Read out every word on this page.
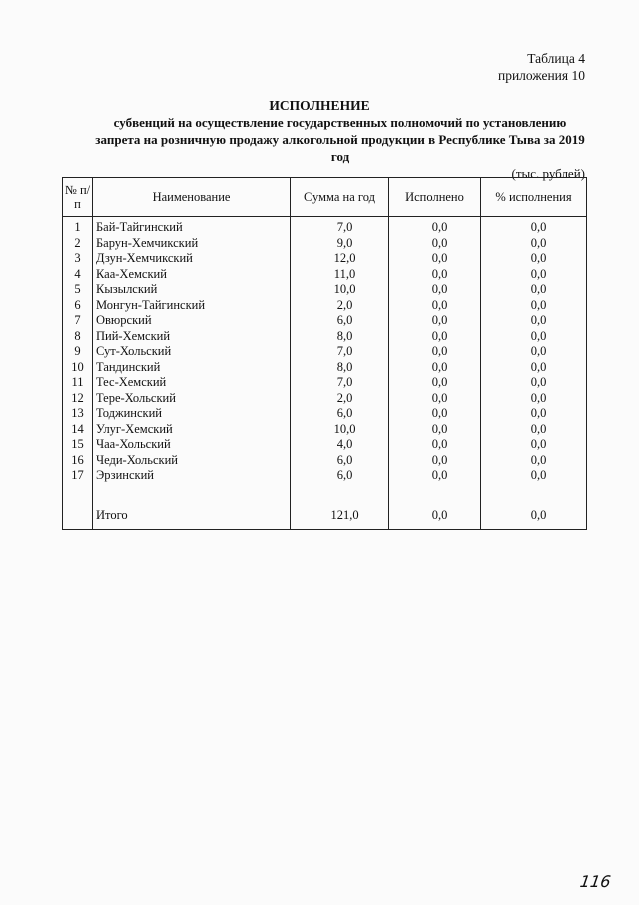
Таблица 4
приложения 10
ИСПОЛНЕНИЕ
субвенций на осуществление государственных полномочий по установлению запрета на розничную продажу алкогольной продукции в Республике Тыва за 2019 год
(тыс. рублей)
№ п/п	Наименование	Сумма на год	Исполнено	% исполнения
1	Бай-Тайгинский	7,0	0,0	0,0
2	Барун-Хемчикский	9,0	0,0	0,0
3	Дзун-Хемчикский	12,0	0,0	0,0
4	Каа-Хемский	11,0	0,0	0,0
5	Кызылский	10,0	0,0	0,0
6	Монгун-Тайгинский	2,0	0,0	0,0
7	Овюрский	6,0	0,0	0,0
8	Пий-Хемский	8,0	0,0	0,0
9	Сут-Хольский	7,0	0,0	0,0
10	Тандинский	8,0	0,0	0,0
11	Тес-Хемский	7,0	0,0	0,0
12	Тере-Хольский	2,0	0,0	0,0
13	Тоджинский	6,0	0,0	0,0
14	Улуг-Хемский	10,0	0,0	0,0
15	Чаа-Хольский	4,0	0,0	0,0
16	Чеди-Хольский	6,0	0,0	0,0
17	Эрзинский	6,0	0,0	0,0

	Итого	121,0	0,0	0,0
116
